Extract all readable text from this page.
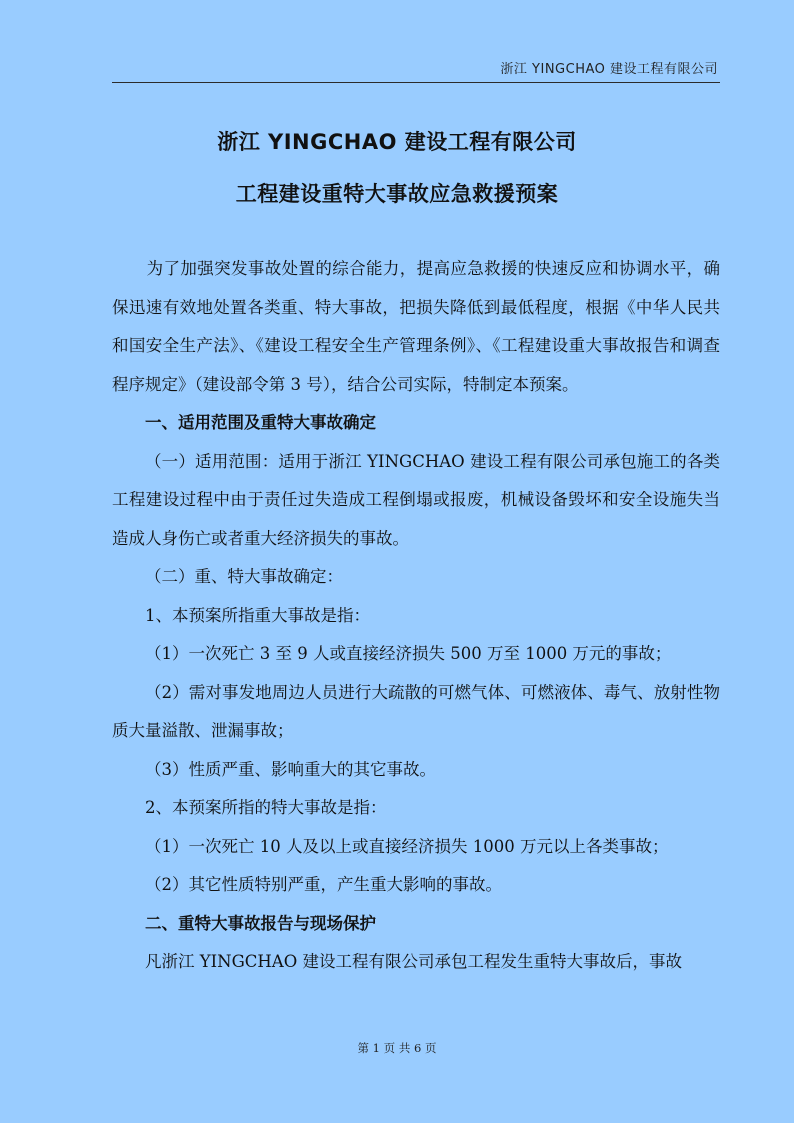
浙江 YINGCHAO 建设工程有限公司
浙江 YINGCHAO 建设工程有限公司
工程建设重特大事故应急救援预案

为了加强突发事故处置的综合能力，提高应急救援的快速反应和协调水平，确保迅速有效地处置各类重、特大事故，把损失降低到最低程度，根据《中华人民共和国安全生产法》、《建设工程安全生产管理条例》、《工程建设重大事故报告和调查程序规定》（建设部令第 3 号），结合公司实际，特制定本预案。

一、适用范围及重特大事故确定

（一）适用范围：适用于浙江 YINGCHAO 建设工程有限公司承包施工的各类工程建设过程中由于责任过失造成工程倒塌或报废，机械设备毁坏和安全设施失当造成人身伤亡或者重大经济损失的事故。

（二）重、特大事故确定：

1、本预案所指重大事故是指：

（1）一次死亡 3 至 9 人或直接经济损失 500 万至 1000 万元的事故；

（2）需对事发地周边人员进行大疏散的可燃气体、可燃液体、毒气、放射性物质大量溢散、泄漏事故；

（3）性质严重、影响重大的其它事故。

2、本预案所指的特大事故是指：

（1）一次死亡 10 人及以上或直接经济损失 1000 万元以上各类事故；

（2）其它性质特别严重，产生重大影响的事故。

二、重特大事故报告与现场保护

凡浙江 YINGCHAO 建设工程有限公司承包工程发生重特大事故后，事故

第 1 页 共 6 页
